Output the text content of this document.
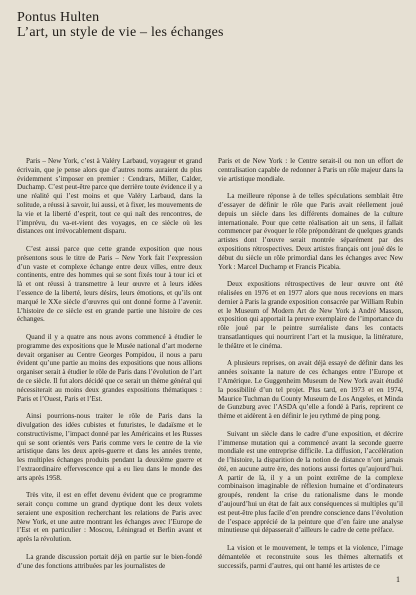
Pontus Hulten
L’art, un style de vie – les échanges

Paris – New York, c’est à Valéry Larbaud, voyageur et grand écrivain, que je pense alors que d’autres noms auraient du plus évidemment s’imposer en premier : Cendrars, Miller, Calder, Duchamp. C’est peut-être parce que derrière toute évidence il y a une réalité qui l’est moins et que Valéry Larbaud, dans la solitude, a réussi à savoir, lui aussi, et à fixer, les mouvements de la vie et la liberté d’esprit, tout ce qui naît des rencontres, de l’imprévu, du va-et-vient des voyages, en ce siècle où les distances ont irrévocablement disparu.

C’est aussi parce que cette grande exposition que nous présentons sous le titre de Paris – New York fait l’expression d’un vaste et complexe échange entre deux villes, entre deux continents, entre des hommes qui se sont fixés tour à tour ici et là et ont réussi à transmettre à leur œuvre et à leurs idées l’essence de la liberté, leurs désirs, leurs émotions, et qu’ils ont marqué le XXe siècle d’œuvres qui ont donné forme à l’avenir. L’histoire de ce siècle est en grande partie une histoire de ces échanges.

Quand il y a quatre ans nous avons commencé à étudier le programme des expositions que le Musée national d’art moderne devait organiser au Centre Georges Pompidou, il nous a paru évident qu’une partie au moins des expositions que nous allions organiser serait à étudier le rôle de Paris dans l’évolution de l’art de ce siècle. Il fut alors décidé que ce serait un thème général qui nécessiterait au moins deux grandes expositions thématiques : Paris et l’Ouest, Paris et l’Est.

Ainsi pourrions-nous traiter le rôle de Paris dans la divulgation des idées cubistes et futuristes, le dadaïsme et le constructivisme, l’impact donné par les Américains et les Russes qui se sont orientés vers Paris comme vers le centre de la vie artistique dans les deux après-guerre et dans les années trente, les multiples échanges produits pendant la deuxième guerre et l’extraordinaire effervescence qui a eu lieu dans le monde des arts après 1958.

Très vite, il est en effet devenu évident que ce programme serait conçu comme un grand dyptique dont les deux volets seraient une exposition recherchant les relations de Paris avec New York, et une autre montrant les échanges avec l’Europe de l’Est et en particulier : Moscou, Léningrad et Berlin avant et après la révolution.

La grande discussion portait déjà en partie sur le bien-fondé d’une des fonctions attribuées par les journalistes de

Paris et de New York : le Centre serait-il ou non un effort de centralisation capable de redonner à Paris un rôle majeur dans la vie artistique mondiale.

La meilleure réponse à de telles spéculations semblait être d’essayer de définir le rôle que Paris avait réellement joué depuis un siècle dans les différents domaines de la culture internationale. Pour que cette réalisation ait un sens, il fallait commencer par évoquer le rôle prépondérant de quelques grands artistes dont l’œuvre serait montrée séparément par des expositions rétrospectives. Deux artistes français ont joué dès le début du siècle un rôle primordial dans les échanges avec New York : Marcel Duchamp et Francis Picabia.

Deux expositions rétrospectives de leur œuvre ont été réalisées en 1976 et en 1977 alors que nous recevions en mars dernier à Paris la grande exposition consacrée par William Rubin et le Museum of Modern Art de New York à André Masson, exposition qui apportait la preuve exemplaire de l’importance du rôle joué par le peintre surréaliste dans les contacts transatlantiques qui nourrirent l’art et la musique, la littérature, le théâtre et le cinéma.

A plusieurs reprises, on avait déjà essayé de définir dans les années soixante la nature de ces échanges entre l’Europe et l’Amérique. Le Guggenheim Museum de New York avait étudié la possibilité d’un tel projet. Plus tard, en 1973 et en 1974, Maurice Tuchman du County Museum de Los Angeles, et Minda de Gunzburg avec l’ASDA qu’elle a fondé à Paris, reprirent ce thème et aidèrent à en définir le jeu rythmé de ping pong.

Suivant un siècle dans le cadre d’une exposition, et décrire l’immense mutation qui a commencé avant la seconde guerre mondiale est une entreprise difficile. La diffusion, l’accélération de l’histoire, la disparition de la notion de distance n’ont jamais été, en aucune autre ère, des notions aussi fortes qu’aujourd’hui. A partir de là, il y a un point extrême de la complexe combinaison imaginable de réflexion humaine et d’ordinateurs groupés, rendent la crise du rationalisme dans le monde d’aujourd’hui un état de fait aux conséquences si multiples qu’il est peut-être plus facile d’en prendre conscience dans l’évolution de l’espace apprécié de la peinture que d’en faire une analyse minutieuse qui dépasserait d’ailleurs le cadre de cette préface.

La vision et le mouvement, le temps et la violence, l’image démantelée et reconstruite sous les thèmes alternatifs et successifs, parmi d’autres, qui ont hanté les artistes de ce

1
